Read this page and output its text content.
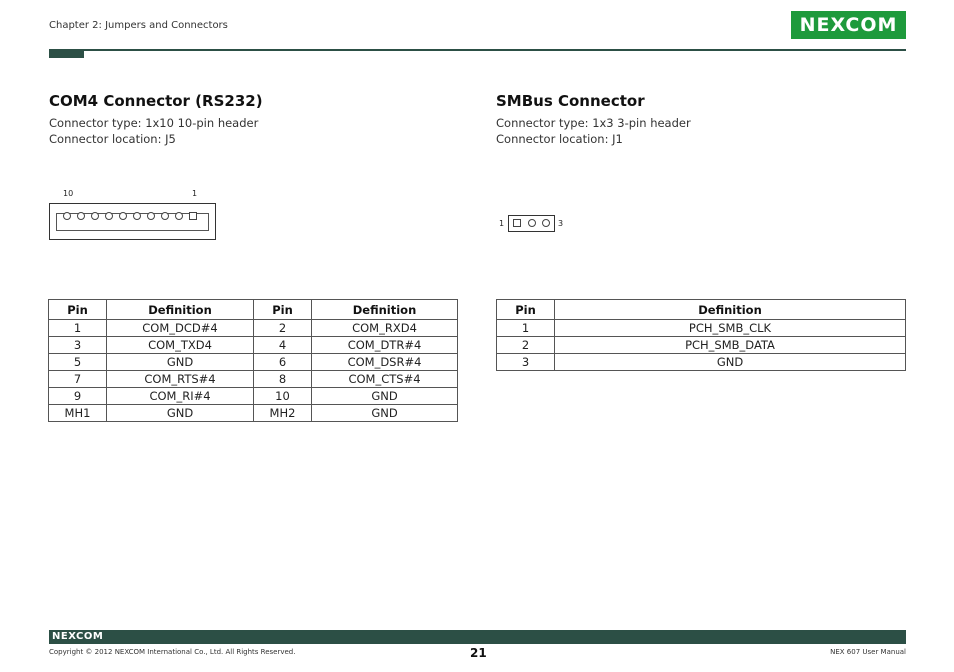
Chapter 2: Jumpers and Connectors	NEXCOM
COM4 Connector (RS232)
Connector type: 1x10 10-pin header
Connector location: J5
10	1
Pin	Definition	Pin	Definition
1	COM_DCD#4	2	COM_RXD4
3	COM_TXD4	4	COM_DTR#4
5	GND	6	COM_DSR#4
7	COM_RTS#4	8	COM_CTS#4
9	COM_RI#4	10	GND
MH1	GND	MH2	GND
SMBus Connector
Connector type: 1x3 3-pin header
Connector location: J1
1	3
Pin	Definition
1	PCH_SMB_CLK
2	PCH_SMB_DATA
3	GND
NEXCOM
Copyright © 2012 NEXCOM International Co., Ltd. All Rights Reserved.	21	NEX 607 User Manual
